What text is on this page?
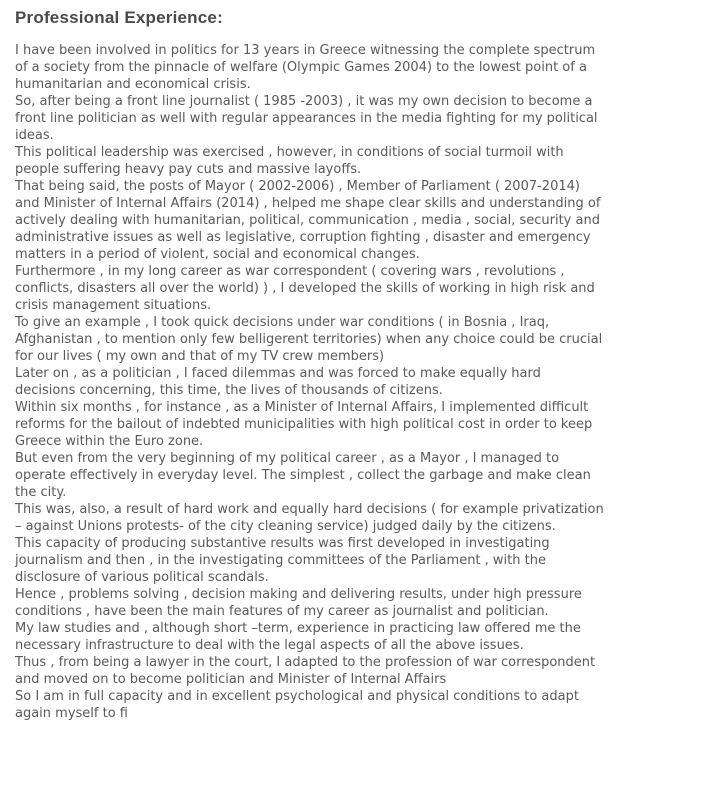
Professional Experience:

I have been involved in politics for 13 years in Greece witnessing the complete spectrum of a society from the pinnacle of welfare (Olympic Games 2004) to the lowest point of a humanitarian and economical crisis.

So, after being a front line journalist ( 1985 -2003) , it was my own decision to become a front line politician as well with regular appearances in the media fighting for my political ideas.

This political leadership was exercised , however, in conditions of social turmoil with people suffering heavy pay cuts and massive layoffs.

That being said, the posts of Mayor ( 2002-2006) , Member of Parliament ( 2007-2014) and Minister of Internal Affairs (2014) , helped me shape clear skills and understanding of actively dealing with humanitarian, political, communication , media , social, security and administrative issues as well as legislative, corruption fighting , disaster and emergency matters in a period of violent, social and economical changes.

Furthermore , in my long career as war correspondent ( covering wars , revolutions , conflicts, disasters all over the world) ) , I developed the skills of working in high risk and crisis management situations.

To give an example , I took quick decisions under war conditions ( in Bosnia , Iraq, Afghanistan , to mention only few belligerent territories) when any choice could be crucial for our lives ( my own and that of my TV crew members)

Later on , as a politician , I faced dilemmas and was forced to make equally hard decisions concerning, this time, the lives of thousands of citizens.

Within six months , for instance , as a Minister of Internal Affairs, I implemented difficult reforms for the bailout of indebted municipalities with high political cost in order to keep Greece within the Euro zone.

But even from the very beginning of my political career , as a Mayor , I managed to operate effectively in everyday level. The simplest , collect the garbage and make clean the city.

This was, also, a result of hard work and equally hard decisions ( for example privatization – against Unions protests- of the city cleaning service) judged daily by the citizens.

This capacity of producing substantive results was first developed in investigating journalism and then , in the investigating committees of the Parliament , with the disclosure of various political scandals.

Hence , problems solving , decision making and delivering results, under high pressure conditions , have been the main features of my career as journalist and politician.

My law studies and , although short –term, experience in practicing law offered me the necessary infrastructure to deal with the legal aspects of all the above issues.

Thus , from being a lawyer in the court, I adapted to the profession of war correspondent and moved on to become politician and Minister of Internal Affairs

So I am in full capacity and in excellent psychological and physical conditions to adapt again myself to fi
